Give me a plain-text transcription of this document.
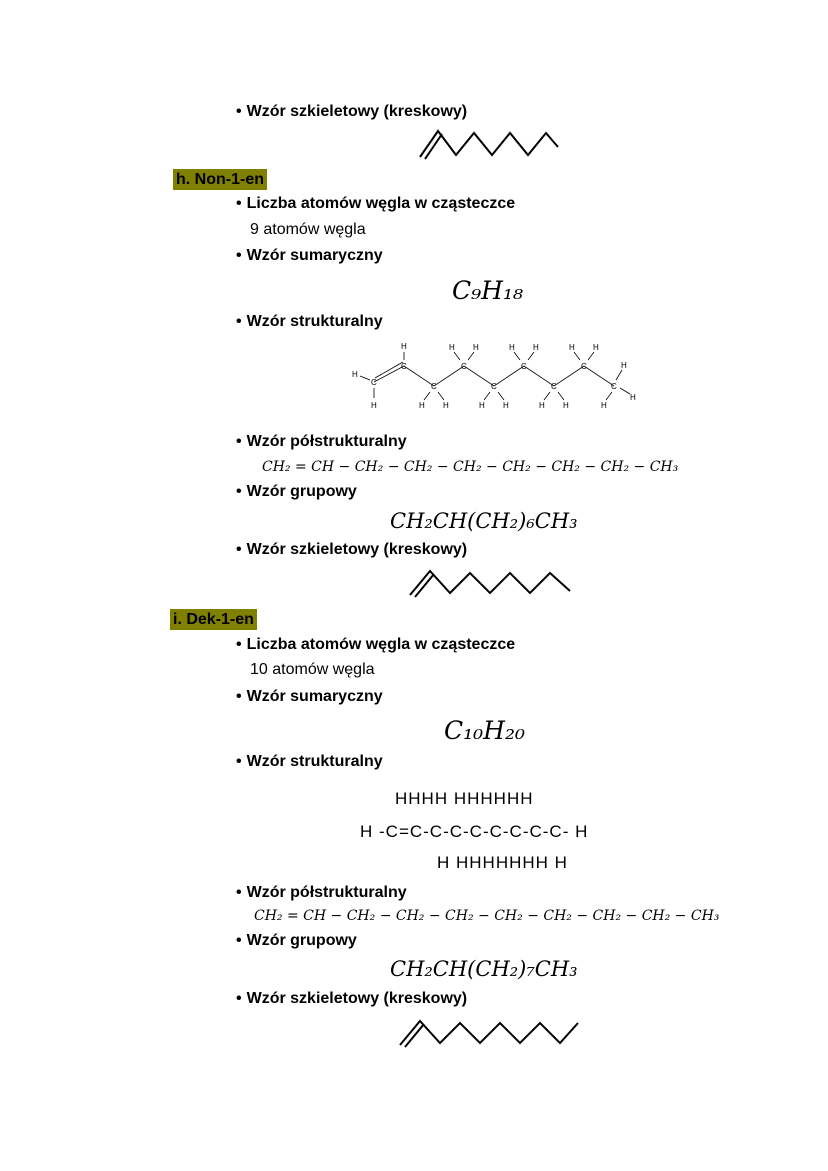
• Wzór szkieletowy (kreskowy)
h. Non-1-en
• Liczba atomów węgla w cząsteczce
9 atomów węgla
• Wzór sumaryczny
C₉H₁₈
• Wzór strukturalny
C
C
C
C
C
C
C
C
C
H
H
H
H H
H H
H H
H H
H H
H H
H
H
H
• Wzór półstrukturalny
CH₂ = CH − CH₂ − CH₂ − CH₂ − CH₂ − CH₂ − CH₂ − CH₃
• Wzór grupowy
CH₂CH(CH₂)₆CH₃
• Wzór szkieletowy (kreskowy)
i. Dek-1-en
• Liczba atomów węgla w cząsteczce
10 atomów węgla
• Wzór sumaryczny
C₁₀H₂₀
• Wzór strukturalny
HHHH HHHHHH
H -C=C-C-C-C-C-C-C-C- H
H HHHHHHH H
• Wzór półstrukturalny
CH₂ = CH − CH₂ − CH₂ − CH₂ − CH₂ − CH₂ − CH₂ − CH₂ − CH₃
• Wzór grupowy
CH₂CH(CH₂)₇CH₃
• Wzór szkieletowy (kreskowy)
